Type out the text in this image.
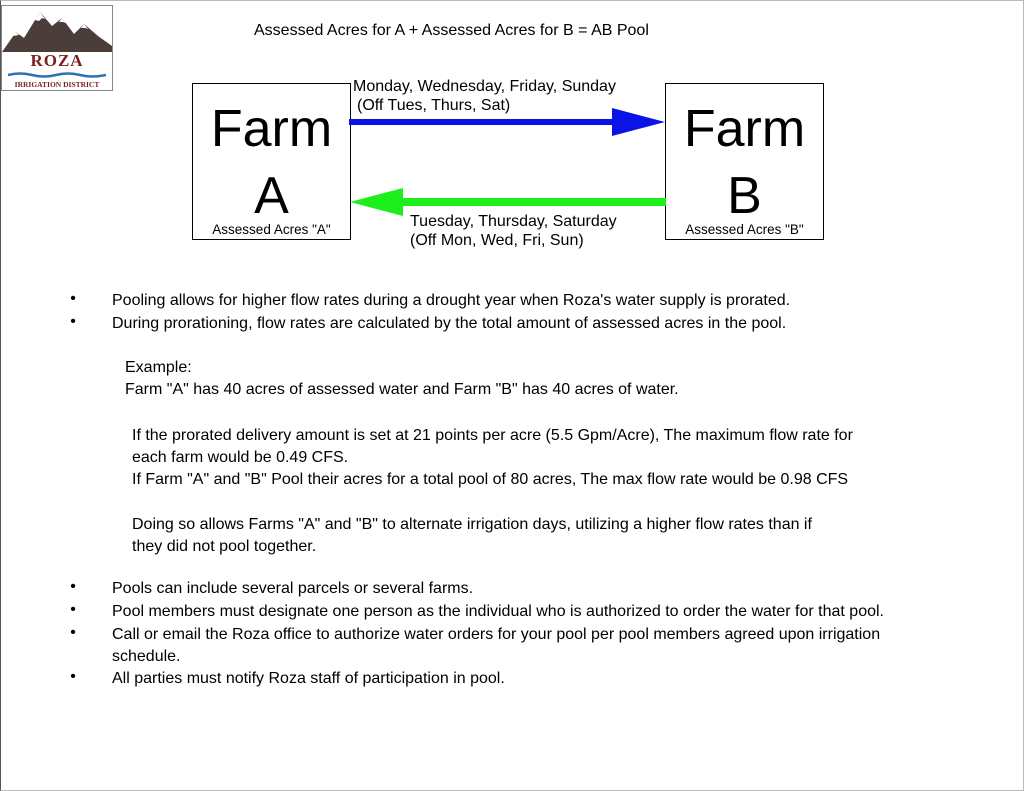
ROZA
IRRIGATION DISTRICT
Assessed Acres for A + Assessed Acres for B = AB Pool
Farm
A
Assessed Acres "A"
Farm
B
Assessed Acres "B"
Monday, Wednesday, Friday, Sunday
(Off Tues, Thurs, Sat)
Tuesday, Thursday, Saturday
(Off Mon, Wed, Fri, Sun)
• Pooling allows for higher flow rates during a drought year when Roza's water supply is prorated.
• During prorationing, flow rates are calculated by the total amount of assessed acres in the pool.
Example:
Farm "A" has 40 acres of assessed water and Farm "B" has 40 acres of water.
If the prorated delivery amount is set at 21 points per acre (5.5 Gpm/Acre), The maximum flow rate for
each farm would be 0.49 CFS.
If Farm "A" and "B" Pool their acres for a total pool of 80 acres, The max flow rate would be 0.98 CFS
Doing so allows Farms "A" and "B" to alternate irrigation days, utilizing a higher flow rates than if
they did not pool together.
• Pools can include several parcels or several farms.
• Pool members must designate one person as the individual who is authorized to order the water for that pool.
• Call or email the Roza office to authorize water orders for your pool per pool members agreed upon irrigation
schedule.
• All parties must notify Roza staff of participation in pool.
